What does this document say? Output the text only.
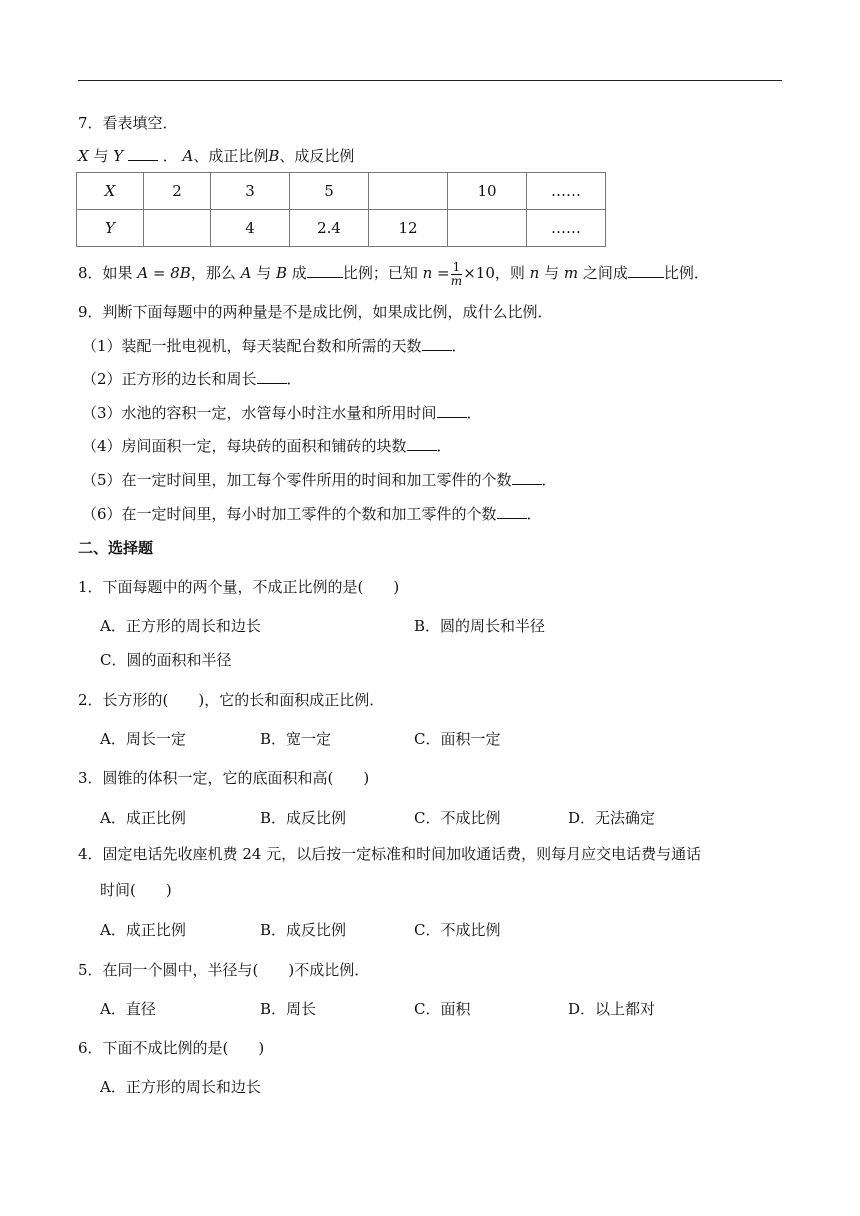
7．看表填空．
X 与 Y  ． A、成正比例B、成反比例
X	2	3	5		10	……
Y		4	2.4	12		……
8．如果 A = 8B，那么 A 与 B 成 比例；已知 $n = \frac{1}{m} \times 10$，则 n 与 m 之间成 比例．
9．判断下面每题中的两种量是不是成比例，如果成比例，成什么比例．
（1）装配一批电视机，每天装配台数和所需的天数 ．
（2）正方形的边长和周长 ．
（3）水池的容积一定，水管每小时注水量和所用时间 ．
（4）房间面积一定，每块砖的面积和铺砖的块数 ．
（5）在一定时间里，加工每个零件所用的时间和加工零件的个数 ．
（6）在一定时间里，每小时加工零件的个数和加工零件的个数 ．
二、选择题
1．下面每题中的两个量，不成正比例的是( )
A．正方形的周长和边长	B．圆的周长和半径
C．圆的面积和半径
2．长方形的( )，它的长和面积成正比例．
A．周长一定	B．宽一定	C．面积一定
3．圆锥的体积一定，它的底面积和高( )
A．成正比例	B．成反比例	C．不成比例	D．无法确定
4．固定电话先收座机费 24 元，以后按一定标准和时间加收通话费，则每月应交电话费与通话
时间( )
A．成正比例	B．成反比例	C．不成比例
5．在同一个圆中，半径与( )不成比例．
A．直径	B．周长	C．面积	D．以上都对
6．下面不成比例的是( )
A．正方形的周长和边长
